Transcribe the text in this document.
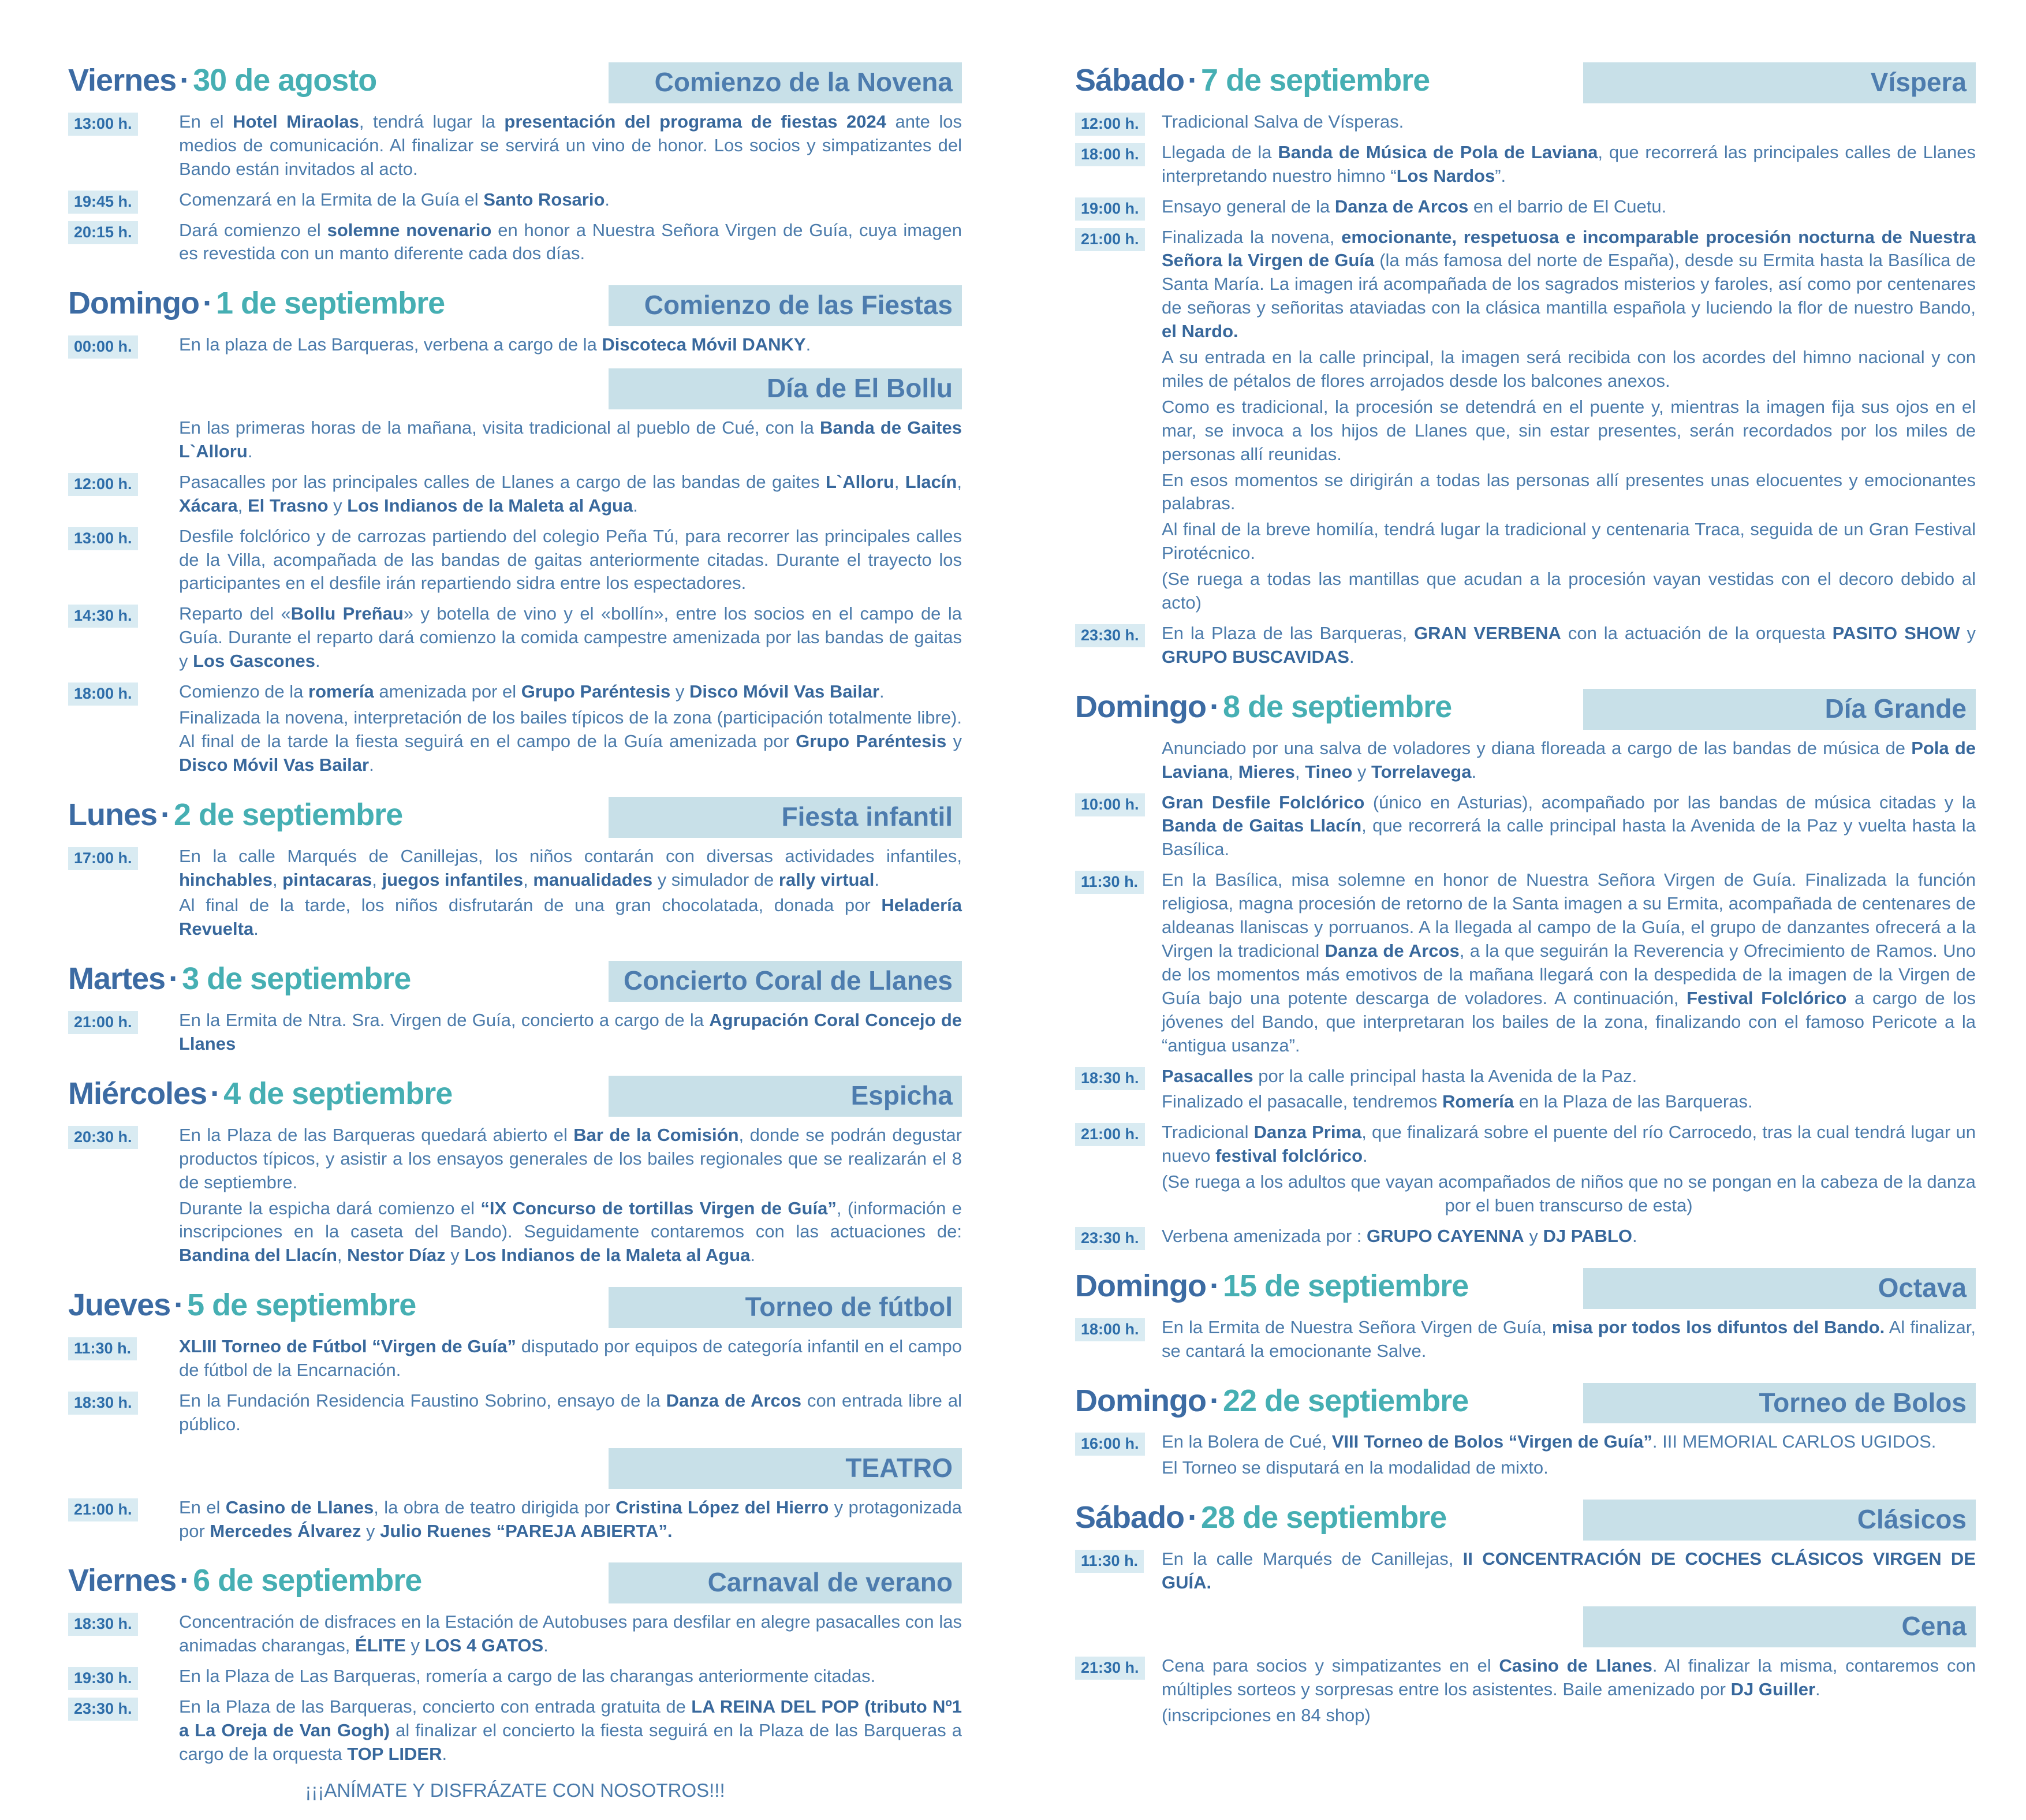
Viernes · 30 de agosto	Comienzo de la Novena
13:00 h.	En el Hotel Miraolas, tendrá lugar la presentación del programa de fiestas 2024 ante los medios de comunicación. Al finalizar se servirá un vino de honor. Los socios y simpatizantes del Bando están invitados al acto.

19:45 h.	Comenzará en la Ermita de la Guía el Santo Rosario.

20:15 h.	Dará comienzo el solemne novenario en honor a Nuestra Señora Virgen de Guía, cuya imagen es revestida con un manto diferente cada dos días.

Domingo · 1 de septiembre	Comienzo de las Fiestas
00:00 h.	En la plaza de Las Barqueras, verbena a cargo de la Discoteca Móvil DANKY.

Día de El Bollu

En las primeras horas de la mañana, visita tradicional al pueblo de Cué, con la Banda de Gaites L`Alloru.

12:00 h.	Pasacalles por las principales calles de Llanes a cargo de las bandas de gaites L`Alloru, Llacín, Xácara, El Trasno y Los Indianos de la Maleta al Agua.

13:00 h.	Desfile folclórico y de carrozas partiendo del colegio Peña Tú, para recorrer las principales calles de la Villa, acompañada de las bandas de gaitas anteriormente citadas. Durante el trayecto los participantes en el desfile irán repartiendo sidra entre los espectadores.

14:30 h.	Reparto del «Bollu Preñau» y botella de vino y el «bollín», entre los socios en el campo de la Guía. Durante el reparto dará comienzo la comida campestre amenizada por las bandas de gaitas y Los Gascones.

18:00 h.	Comienzo de la romería amenizada por el Grupo Paréntesis y Disco Móvil Vas Bailar.

Finalizada la novena, interpretación de los bailes típicos de la zona (participación totalmente libre). Al final de la tarde la fiesta seguirá en el campo de la Guía amenizada por Grupo Paréntesis y Disco Móvil Vas Bailar.

Lunes · 2 de septiembre	Fiesta infantil
17:00 h.	En la calle Marqués de Canillejas, los niños contarán con diversas actividades infantiles, hinchables, pintacaras, juegos infantiles, manualidades y simulador de rally virtual.

Al final de la tarde, los niños disfrutarán de una gran chocolatada, donada por Heladería Revuelta.

Martes · 3 de septiembre	Concierto Coral de Llanes
21:00 h.	En la Ermita de Ntra. Sra. Virgen de Guía, concierto a cargo de la Agrupación Coral Concejo de Llanes

Miércoles · 4 de septiembre	Espicha
20:30 h.	En la Plaza de las Barqueras quedará abierto el Bar de la Comisión, donde se podrán degustar productos típicos, y asistir a los ensayos generales de los bailes regionales que se realizarán el 8 de septiembre.

Durante la espicha dará comienzo el “IX Concurso de tortillas Virgen de Guía”, (información e inscripciones en la caseta del Bando). Seguidamente contaremos con las actuaciones de: Bandina del Llacín, Nestor Díaz y Los Indianos de la Maleta al Agua.

Jueves · 5 de septiembre	Torneo de fútbol
11:30 h.	XLIII Torneo de Fútbol “Virgen de Guía” disputado por equipos de categoría infantil en el campo de fútbol de la Encarnación.

18:30 h.	En la Fundación Residencia Faustino Sobrino, ensayo de la Danza de Arcos con entrada libre al público.

TEATRO
21:00 h.	En el Casino de Llanes, la obra de teatro dirigida por Cristina López del Hierro y protagonizada por Mercedes Álvarez y Julio Ruenes “PAREJA ABIERTA”.

Viernes · 6 de septiembre	Carnaval de verano
18:30 h.	Concentración de disfraces en la Estación de Autobuses para desfilar en alegre pasacalles con las animadas charangas, ÉLITE y LOS 4 GATOS.

19:30 h.	En la Plaza de Las Barqueras, romería a cargo de las charangas anteriormente citadas.

23:30 h.	En la Plaza de las Barqueras, concierto con entrada gratuita de LA REINA DEL POP (tributo Nº1 a La Oreja de Van Gogh) al finalizar el concierto la fiesta seguirá en la Plaza de las Barqueras a cargo de la orquesta TOP LIDER.

¡¡¡ANÍMATE Y DISFRÁZATE CON NOSOTROS!!!

Sábado · 7 de septiembre	Víspera
12:00 h.	Tradicional Salva de Vísperas.

18:00 h.	Llegada de la Banda de Música de Pola de Laviana, que recorrerá las principales calles de Llanes interpretando nuestro himno “Los Nardos”.

19:00 h.	Ensayo general de la Danza de Arcos en el barrio de El Cuetu.

21:00 h.	Finalizada la novena, emocionante, respetuosa e incomparable procesión nocturna de Nuestra Señora la Virgen de Guía (la más famosa del norte de España), desde su Ermita hasta la Basílica de Santa María. La imagen irá acompañada de los sagrados misterios y faroles, así como por centenares de señoras y señoritas ataviadas con la clásica mantilla española y luciendo la flor de nuestro Bando, el Nardo.

A su entrada en la calle principal, la imagen será recibida con los acordes del himno nacional y con miles de pétalos de flores arrojados desde los balcones anexos.

Como es tradicional, la procesión se detendrá en el puente y, mientras la imagen fija sus ojos en el mar, se invoca a los hijos de Llanes que, sin estar presentes, serán recordados por los miles de personas allí reunidas.

En esos momentos se dirigirán a todas las personas allí presentes unas elocuentes y emocionantes palabras.

Al final de la breve homilía, tendrá lugar la tradicional y centenaria Traca, seguida de un Gran Festival Pirotécnico.

(Se ruega a todas las mantillas que acudan a la procesión vayan vestidas con el decoro debido al acto)

23:30 h.	En la Plaza de las Barqueras, GRAN VERBENA con la actuación de la orquesta PASITO SHOW y GRUPO BUSCAVIDAS.

Domingo · 8 de septiembre	Día Grande

Anunciado por una salva de voladores y diana floreada a cargo de las bandas de música de Pola de Laviana, Mieres, Tineo y Torrelavega.

10:00 h.	Gran Desfile Folclórico (único en Asturias), acompañado por las bandas de música citadas y la Banda de Gaitas Llacín, que recorrerá la calle principal hasta la Avenida de la Paz y vuelta hasta la Basílica.

11:30 h.	En la Basílica, misa solemne en honor de Nuestra Señora Virgen de Guía. Finalizada la función religiosa, magna procesión de retorno de la Santa imagen a su Ermita, acompañada de centenares de aldeanas llaniscas y porruanos. A la llegada al campo de la Guía, el grupo de danzantes ofrecerá a la Virgen la tradicional Danza de Arcos, a la que seguirán la Reverencia y Ofrecimiento de Ramos. Uno de los momentos más emotivos de la mañana llegará con la despedida de la imagen de la Virgen de Guía bajo una potente descarga de voladores. A continuación, Festival Folclórico a cargo de los jóvenes del Bando, que interpretaran los bailes de la zona, finalizando con el famoso Pericote a la “antigua usanza”.

18:30 h.	Pasacalles por la calle principal hasta la Avenida de la Paz.

Finalizado el pasacalle, tendremos Romería en la Plaza de las Barqueras.

21:00 h.	Tradicional Danza Prima, que finalizará sobre el puente del río Carrocedo, tras la cual tendrá lugar un nuevo festival folclórico.

(Se ruega a los adultos que vayan acompañados de niños que no se pongan en la cabeza de la danza por el buen transcurso de esta)

23:30 h.	Verbena amenizada por : GRUPO CAYENNA y DJ PABLO.

Domingo · 15 de septiembre	Octava
18:00 h.	En la Ermita de Nuestra Señora Virgen de Guía, misa por todos los difuntos del Bando. Al finalizar, se cantará la emocionante Salve.

Domingo · 22 de septiembre	Torneo de Bolos
16:00 h.	En la Bolera de Cué, VIII Torneo de Bolos “Virgen de Guía”. III MEMORIAL CARLOS UGIDOS.

El Torneo se disputará en la modalidad de mixto.

Sábado · 28 de septiembre	Clásicos
11:30 h.	En la calle Marqués de Canillejas, II CONCENTRACIÓN DE COCHES CLÁSICOS VIRGEN DE GUÍA.

Cena
21:30 h.	Cena para socios y simpatizantes en el Casino de Llanes. Al finalizar la misma, contaremos con múltiples sorteos y sorpresas entre los asistentes. Baile amenizado por DJ Guiller.

(inscripciones en 84 shop)
